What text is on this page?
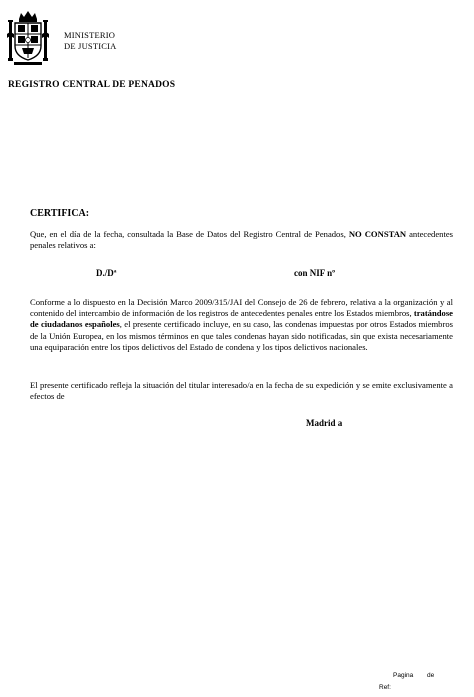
MINISTERIO
DE JUSTICIA
REGISTRO CENTRAL DE PENADOS
CERTIFICA:
Que, en el día de la fecha, consultada la Base de Datos del Registro Central de Penados, NO CONSTAN antecedentes penales relativos a:
D./Dª	con NIF nº
Conforme a lo dispuesto en la Decisión Marco 2009/315/JAI del Consejo de 26 de febrero, relativa a la organización y al contenido del intercambio de información de los registros de antecedentes penales entre los Estados miembros, tratándose de ciudadanos españoles, el presente certificado incluye, en su caso, las condenas impuestas por otros Estados miembros de la Unión Europea, en los mismos términos en que tales condenas hayan sido notificadas, sin que exista necesariamente una equiparación entre los tipos delictivos del Estado de condena y los tipos delictivos nacionales.
El presente certificado refleja la situación del titular interesado/a en la fecha de su expedición y se emite exclusivamente a efectos de
Madrid a
Pagina de
Ref:
